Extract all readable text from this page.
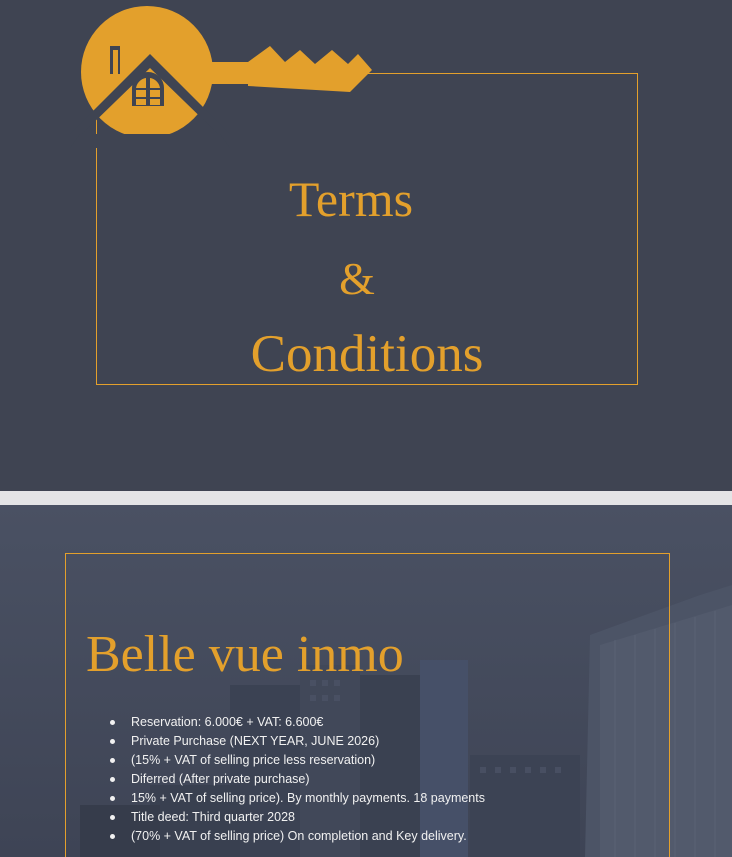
Terms
&
Conditions
Belle vue inmo
Reservation: 6.000€ + VAT: 6.600€
Private Purchase (NEXT YEAR, JUNE 2026)
(15% + VAT of selling price less reservation)
Diferred (After private purchase)
15% + VAT of selling price). By monthly payments. 18 payments
Title deed: Third quarter 2028
(70% + VAT of selling price) On completion and Key delivery.
